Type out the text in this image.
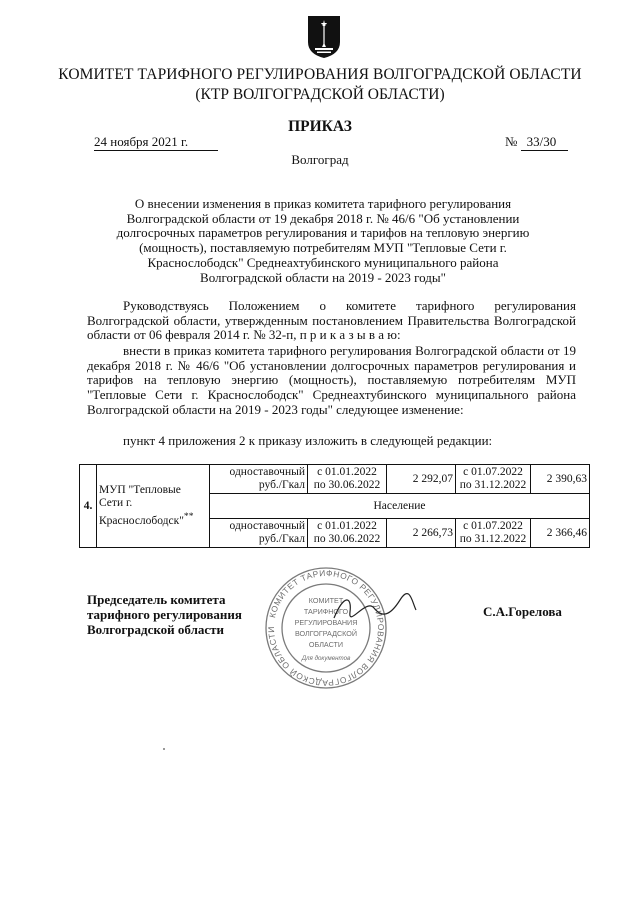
КОМИТЕТ ТАРИФНОГО РЕГУЛИРОВАНИЯ ВОЛГОГРАДСКОЙ ОБЛАСТИ
(КТР ВОЛГОГРАДСКОЙ ОБЛАСТИ)
ПРИКАЗ
24 ноября 2021 г.	№ 33/30
Волгоград
О внесении изменения в приказ комитета тарифного регулирования Волгоградской области от 19 декабря 2018 г. № 46/6 "Об установлении долгосрочных параметров регулирования и тарифов на тепловую энергию (мощность), поставляемую потребителям МУП "Тепловые Сети г. Краснослободск" Среднеахтубинского муниципального района Волгоградской области на 2019 - 2023 годы"

Руководствуясь Положением о комитете тарифного регулирования Волгоградской области, утвержденным постановлением Правительства Волгоградской области от 06 февраля 2014 г. № 32-п, п р и к а з ы в а ю:

внести в приказ комитета тарифного регулирования Волгоградской области от 19 декабря 2018 г. № 46/6 "Об установлении долгосрочных параметров регулирования и тарифов на тепловую энергию (мощность), поставляемую потребителям МУП "Тепловые Сети г. Краснослободск" Среднеахтубинского муниципального района Волгоградской области на 2019 - 2023 годы" следующее изменение:

пункт 4 приложения 2 к приказу изложить в следующей редакции:

4.	МУП "Тепловые Сети г. Краснослободск"**	одноставочный руб./Гкал	с 01.01.2022 по 30.06.2022	2 292,07	с 01.07.2022 по 31.12.2022	2 390,63
		Население				
		одноставочный руб./Гкал	с 01.01.2022 по 30.06.2022	2 266,73	с 01.07.2022 по 31.12.2022	2 366,46
КОМИТЕТ ТАРИФНОГО РЕГУЛИРОВАНИЯ ВОЛГОГРАДСКОЙ ОБЛАСТИ
КОМИТЕТ
ТАРИФНОГО
РЕГУЛИРОВАНИЯ
ВОЛГОГРАДСКОЙ
ОБЛАСТИ
Для документов
Председатель комитета тарифного регулирования Волгоградской области
С.А.Горелова
